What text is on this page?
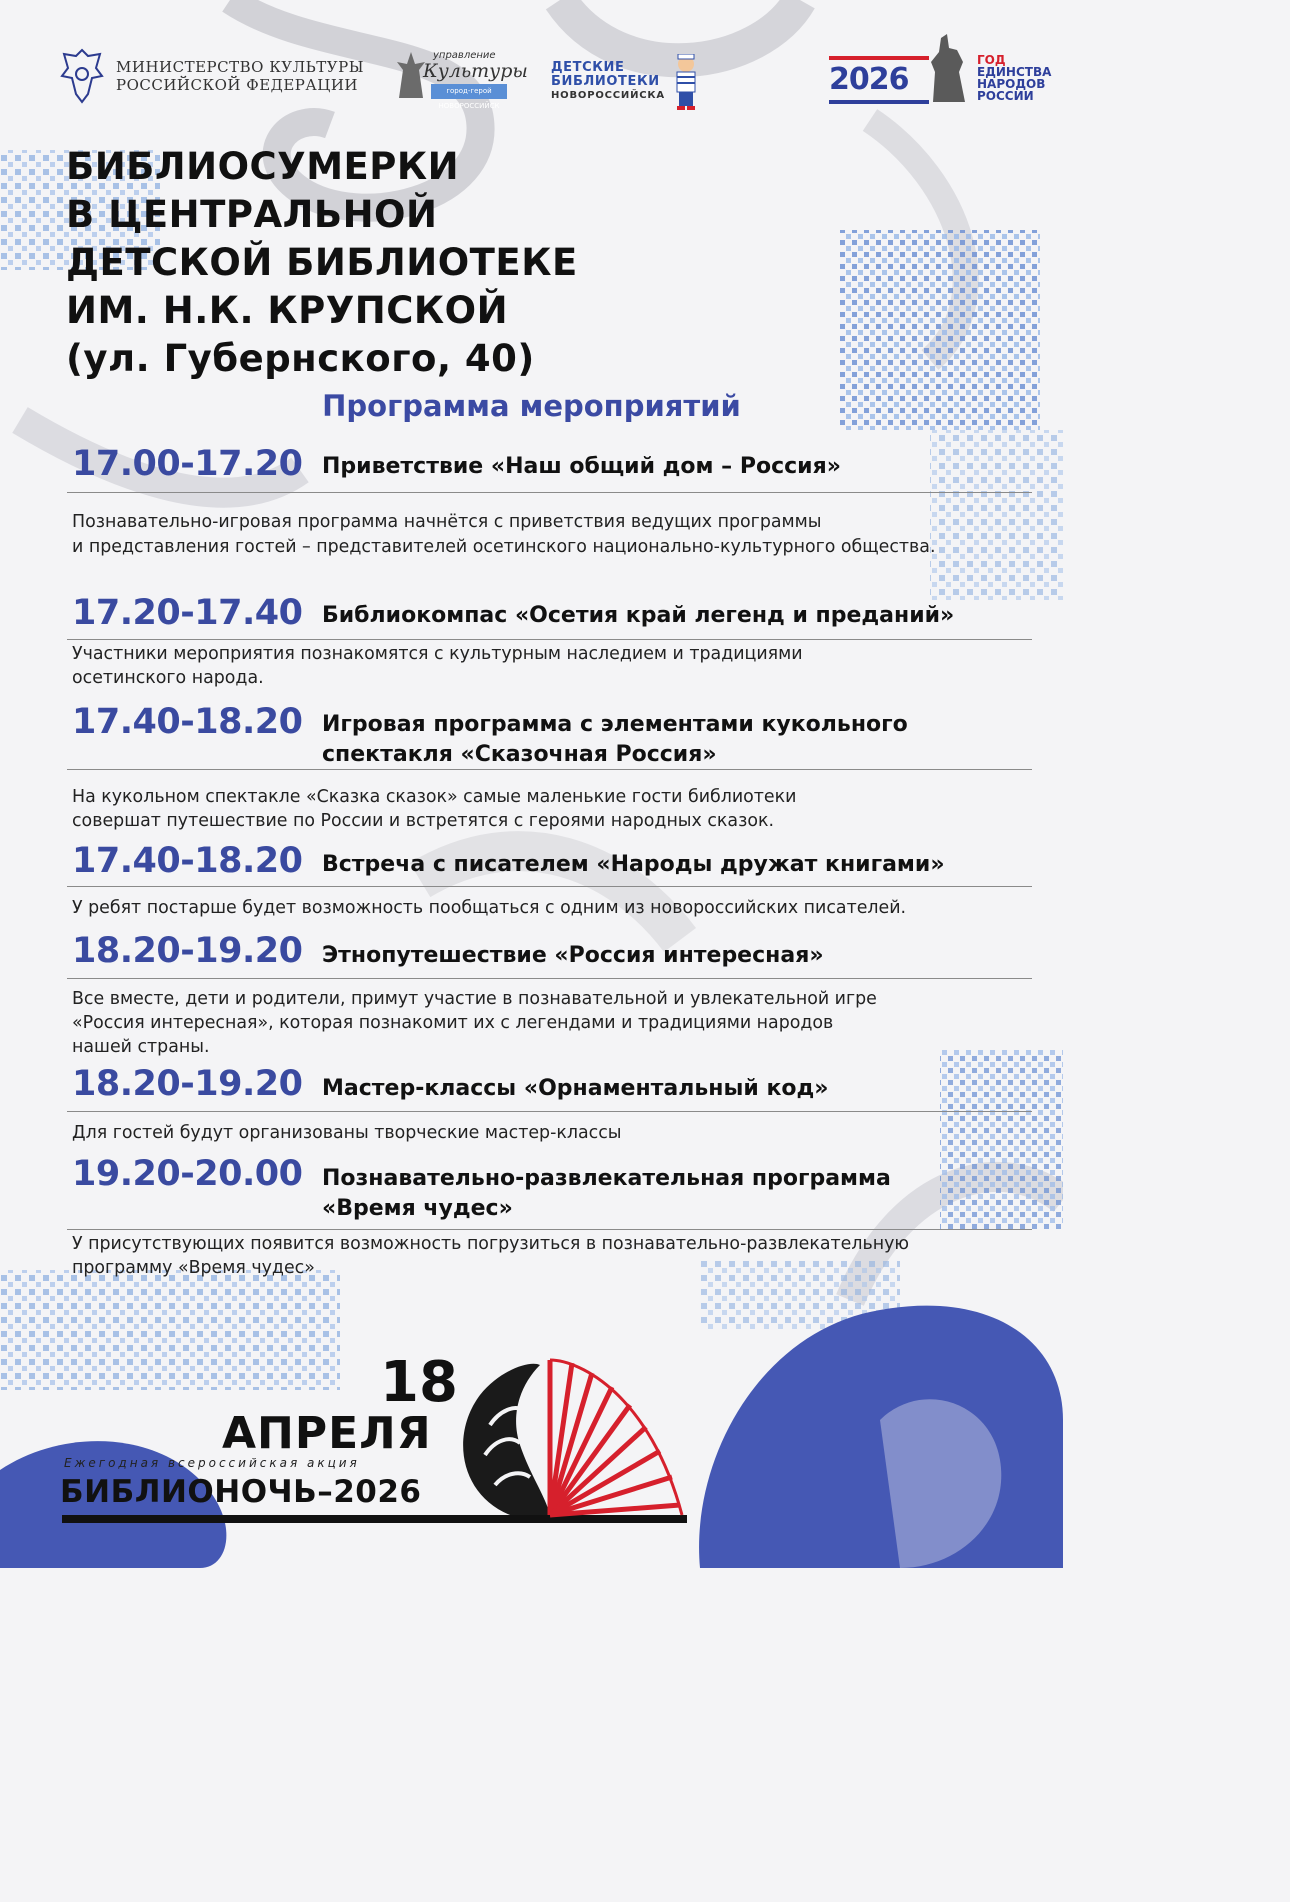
МИНИСТЕРСТВО КУЛЬТУРЫ
РОССИЙСКОЙ ФЕДЕРАЦИИ
управление
Культуры
город-герой НОВОРОССИЙСК
ДЕТСКИЕ
БИБЛИОТЕКИ
НОВОРОССИЙСКА	2026
ГОД
ЕДИНСТВА
НАРОДОВ
РОССИИ
БИБЛИОСУМЕРКИ
В ЦЕНТРАЛЬНОЙ
ДЕТСКОЙ БИБЛИОТЕКЕ
ИМ. Н.К. КРУПСКОЙ
(ул. Губернского, 40)
Программа мероприятий
17.00-17.20 Приветствие «Наш общий дом – Россия»
Познавательно-игровая программа начнётся с приветствия ведущих программы
и представления гостей – представителей осетинского национально-культурного общества.
17.20-17.40 Библиокомпас «Осетия край легенд и преданий»
Участники мероприятия познакомятся с культурным наследием и традициями
осетинского народа.
17.40-18.20 Игровая программа с элементами кукольного
спектакля «Сказочная Россия»
На кукольном спектакле «Сказка сказок» самые маленькие гости библиотеки
совершат путешествие по России и встретятся с героями народных сказок.
17.40-18.20 Встреча с писателем «Народы дружат книгами»
У ребят постарше будет возможность пообщаться с одним из новороссийских писателей.
18.20-19.20 Этнопутешествие «Россия интересная»
Все вместе, дети и родители, примут участие в познавательной и увлекательной игре
«Россия интересная», которая познакомит их с легендами и традициями народов
нашей страны.
18.20-19.20 Мастер-классы «Орнаментальный код»
Для гостей будут организованы творческие мастер-классы
19.20-20.00 Познавательно-развлекательная программа
«Время чудес»
У присутствующих появится возможность погрузиться в познавательно-развлекательную
программу «Время чудес»
18
АПРЕЛЯ
Ежегодная всероссийская акция
БИБЛИОНОЧЬ–2026
